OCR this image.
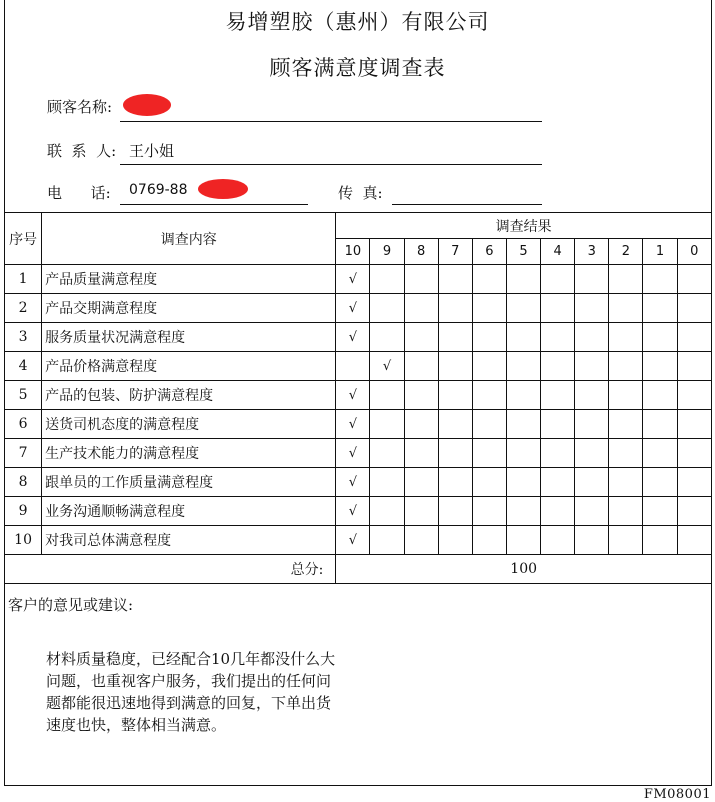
易增塑胶（惠州）有限公司
顾客满意度调查表
顾客名称:
联  系  人: 王小姐
电      话: 0769-88	传  真:
序号	调查内容	调查结果										
		10	9	8	7	6	5	4	3	2	1	0
1	产品质量满意程度	√										
2	产品交期满意程度	√										
3	服务质量状况满意程度	√										
4	产品价格满意程度		√									
5	产品的包装、防护满意程度	√										
6	送货司机态度的满意程度	√										
7	生产技术能力的满意程度	√										
8	跟单员的工作质量满意程度	√										
9	业务沟通顺畅满意程度	√										
10	对我司总体满意程度	√										
总分:		100										
客户的意见或建议:
材料质量稳度，已经配合10几年都没什么大问题，也重视客户服务，我们提出的任何问题都能很迅速地得到满意的回复，下单出货速度也快，整体相当满意。
FM08001
